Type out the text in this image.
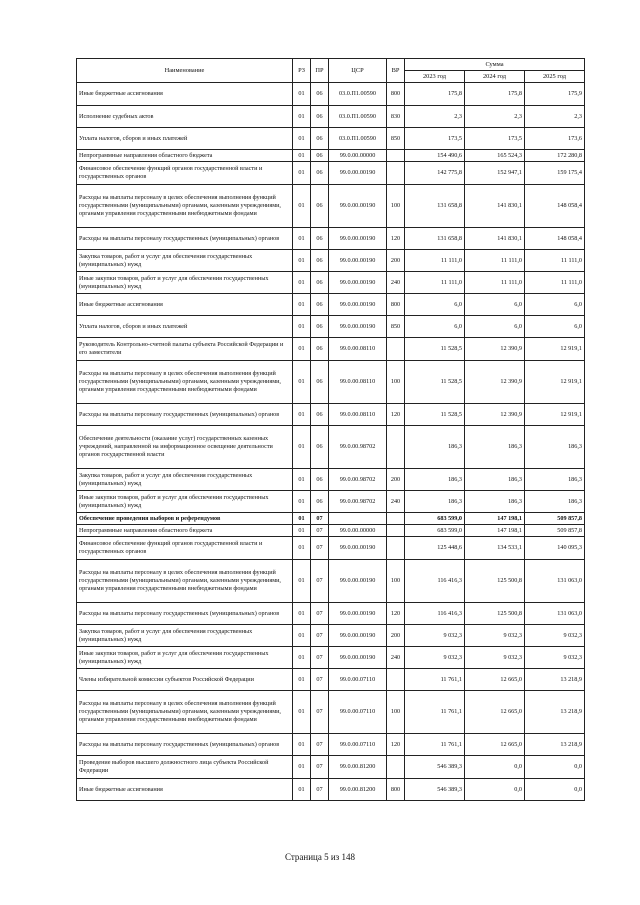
Наименование	РЗ	ПР	ЦСР	ВР	Сумма		
					2023 год	2024 год	2025 год
Иные бюджетные ассигнования	01	06	03.0.П1.00590	800	175,8	175,8	175,9
Исполнение судебных актов	01	06	03.0.П1.00590	830	2,3	2,3	2,3
Уплата налогов, сборов и иных платежей	01	06	03.0.П1.00590	850	173,5	173,5	173,6
Непрограммные направления областного бюджета	01	06	99.0.00.00000		154 490,6	165 524,3	172 280,8
Финансовое обеспечение функций органов государственной власти и государственных органов	01	06	99.0.00.00190		142 775,8	152 947,1	159 175,4
Расходы на выплаты персоналу в целях обеспечения выполнения функций государственными (муниципальными) органами, казенными учреждениями, органами управления государственными внебюджетными фондами	01	06	99.0.00.00190	100	131 658,8	141 830,1	148 058,4
Расходы на выплаты персоналу государственных (муниципальных) органов	01	06	99.0.00.00190	120	131 658,8	141 830,1	148 058,4
Закупка товаров, работ и услуг для обеспечения государственных (муниципальных) нужд	01	06	99.0.00.00190	200	11 111,0	11 111,0	11 111,0
Иные закупки товаров, работ и услуг для обеспечения государственных (муниципальных) нужд	01	06	99.0.00.00190	240	11 111,0	11 111,0	11 111,0
Иные бюджетные ассигнования	01	06	99.0.00.00190	800	6,0	6,0	6,0
Уплата налогов, сборов и иных платежей	01	06	99.0.00.00190	850	6,0	6,0	6,0
Руководитель Контрольно-счетной палаты субъекта Российской Федерации и его заместители	01	06	99.0.00.08110		11 528,5	12 390,9	12 919,1
Расходы на выплаты персоналу в целях обеспечения выполнения функций государственными (муниципальными) органами, казенными учреждениями, органами управления государственными внебюджетными фондами	01	06	99.0.00.08110	100	11 528,5	12 390,9	12 919,1
Расходы на выплаты персоналу государственных (муниципальных) органов	01	06	99.0.00.08110	120	11 528,5	12 390,9	12 919,1
Обеспечение деятельности (оказание услуг) государственных казенных учреждений, направленной на информационное освещение деятельности органов государственной власти	01	06	99.0.00.98702		186,3	186,3	186,3
Закупка товаров, работ и услуг для обеспечения государственных (муниципальных) нужд	01	06	99.0.00.98702	200	186,3	186,3	186,3
Иные закупки товаров, работ и услуг для обеспечения государственных (муниципальных) нужд	01	06	99.0.00.98702	240	186,3	186,3	186,3
Обеспечение проведения выборов и референдумов	01	07			683 599,0	147 198,1	509 857,8
Непрограммные направления областного бюджета	01	07	99.0.00.00000		683 599,0	147 198,1	509 857,8
Финансовое обеспечение функций органов государственной власти и государственных органов	01	07	99.0.00.00190		125 448,6	134 533,1	140 095,3
Расходы на выплаты персоналу в целях обеспечения выполнения функций государственными (муниципальными) органами, казенными учреждениями, органами управления государственными внебюджетными фондами	01	07	99.0.00.00190	100	116 416,3	125 500,8	131 063,0
Расходы на выплаты персоналу государственных (муниципальных) органов	01	07	99.0.00.00190	120	116 416,3	125 500,8	131 063,0
Закупка товаров, работ и услуг для обеспечения государственных (муниципальных) нужд	01	07	99.0.00.00190	200	9 032,3	9 032,3	9 032,3
Иные закупки товаров, работ и услуг для обеспечения государственных (муниципальных) нужд	01	07	99.0.00.00190	240	9 032,3	9 032,3	9 032,3
Члены избирательной комиссии субъектов Российской Федерации	01	07	99.0.00.07110		11 761,1	12 665,0	13 218,9
Расходы на выплаты персоналу в целях обеспечения выполнения функций государственными (муниципальными) органами, казенными учреждениями, органами управления государственными внебюджетными фондами	01	07	99.0.00.07110	100	11 761,1	12 665,0	13 218,9
Расходы на выплаты персоналу государственных (муниципальных) органов	01	07	99.0.00.07110	120	11 761,1	12 665,0	13 218,9
Проведение выборов высшего должностного лица субъекта Российской Федерации	01	07	99.0.00.81200		546 389,3	0,0	0,0
Иные бюджетные ассигнования	01	07	99.0.00.81200	800	546 389,3	0,0	0,0
Страница 5 из 148
